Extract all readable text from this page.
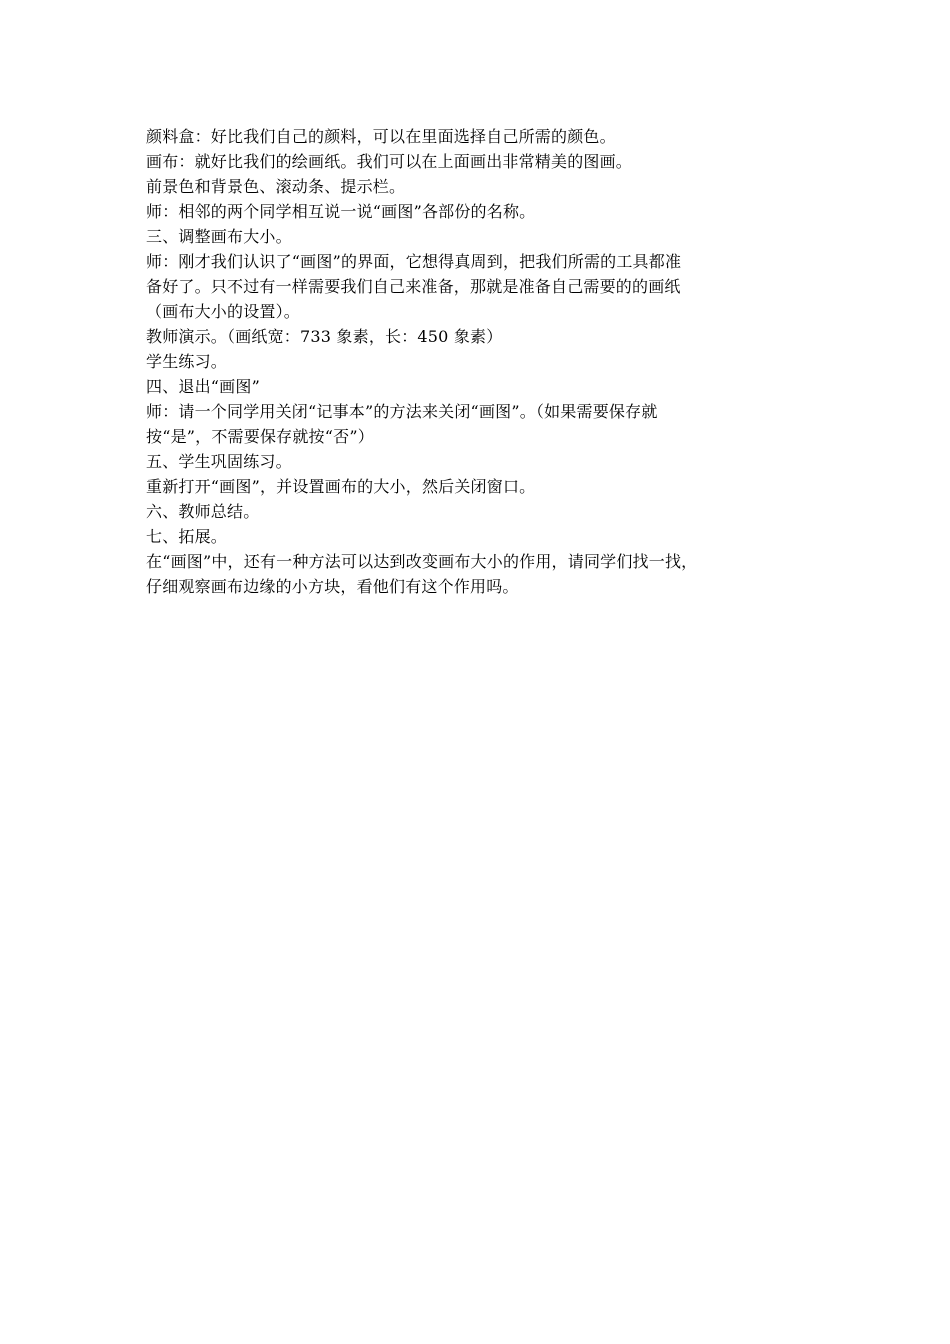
颜料盒：好比我们自己的颜料，可以在里面选择自己所需的颜色。
画布：就好比我们的绘画纸。我们可以在上面画出非常精美的图画。
前景色和背景色、滚动条、提示栏。
师：相邻的两个同学相互说一说“画图”各部份的名称。
三、调整画布大小。
师：刚才我们认识了“画图”的界面，它想得真周到，把我们所需的工具都准
备好了。只不过有一样需要我们自己来准备，那就是准备自己需要的的画纸
（画布大小的设置）。
教师演示。（画纸宽：733 象素，长：450 象素）
学生练习。
四、退出“画图”
师：请一个同学用关闭“记事本”的方法来关闭“画图”。（如果需要保存就
按“是”，不需要保存就按“否”）
五、学生巩固练习。
重新打开“画图”，并设置画布的大小，然后关闭窗口。
六、教师总结。
七、拓展。
在“画图”中，还有一种方法可以达到改变画布大小的作用，请同学们找一找，
仔细观察画布边缘的小方块，看他们有这个作用吗。
